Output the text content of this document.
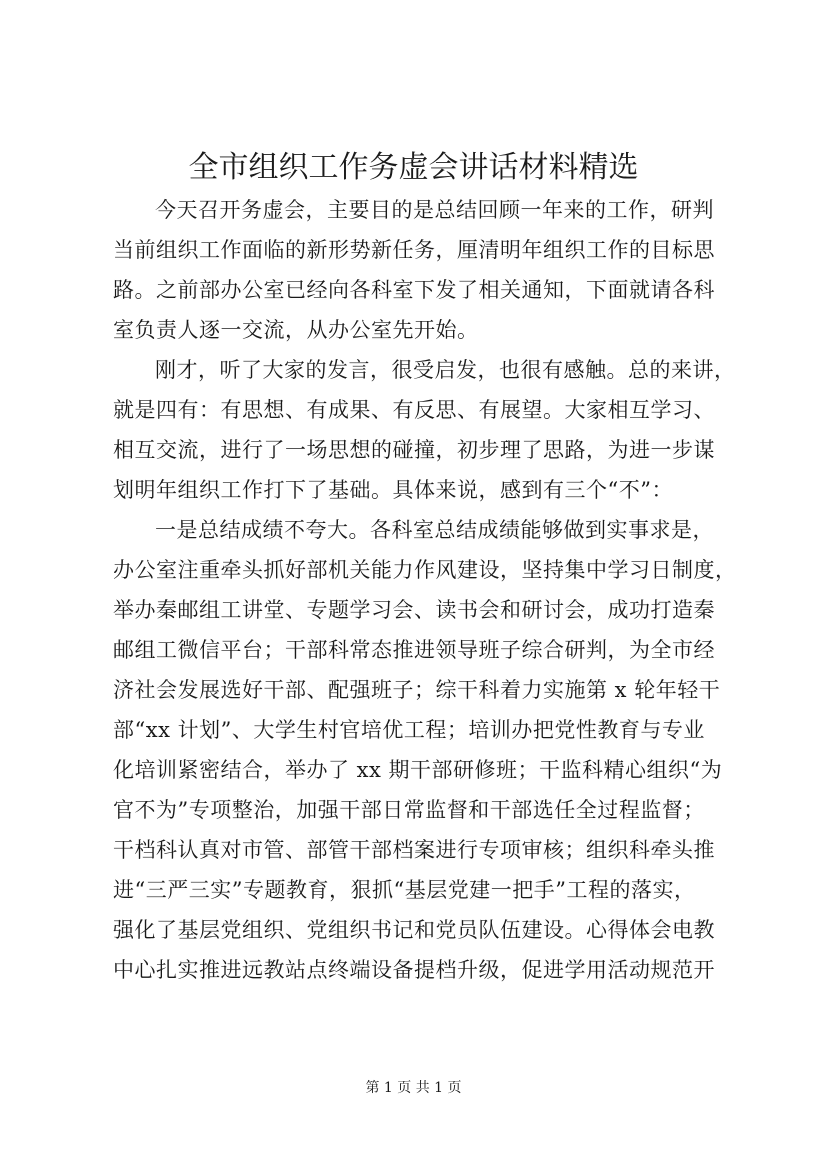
全市组织工作务虚会讲话材料精选
今天召开务虚会，主要目的是总结回顾一年来的工作，研判
当前组织工作面临的新形势新任务，厘清明年组织工作的目标思
路。之前部办公室已经向各科室下发了相关通知，下面就请各科
室负责人逐一交流，从办公室先开始。
刚才，听了大家的发言，很受启发，也很有感触。总的来讲，
就是四有：有思想、有成果、有反思、有展望。大家相互学习、
相互交流，进行了一场思想的碰撞，初步理了思路，为进一步谋
划明年组织工作打下了基础。具体来说，感到有三个“不”：
一是总结成绩不夸大。各科室总结成绩能够做到实事求是，
办公室注重牵头抓好部机关能力作风建设，坚持集中学习日制度，
举办秦邮组工讲堂、专题学习会、读书会和研讨会，成功打造秦
邮组工微信平台；干部科常态推进领导班子综合研判，为全市经
济社会发展选好干部、配强班子；综干科着力实施第 x 轮年轻干
部“xx 计划”、大学生村官培优工程；培训办把党性教育与专业
化培训紧密结合，举办了 xx 期干部研修班；干监科精心组织“为
官不为”专项整治，加强干部日常监督和干部选任全过程监督；
干档科认真对市管、部管干部档案进行专项审核；组织科牵头推
进“三严三实”专题教育，狠抓“基层党建一把手”工程的落实，
强化了基层党组织、党组织书记和党员队伍建设。心得体会电教
中心扎实推进远教站点终端设备提档升级，促进学用活动规范开
第 1 页 共 1 页
